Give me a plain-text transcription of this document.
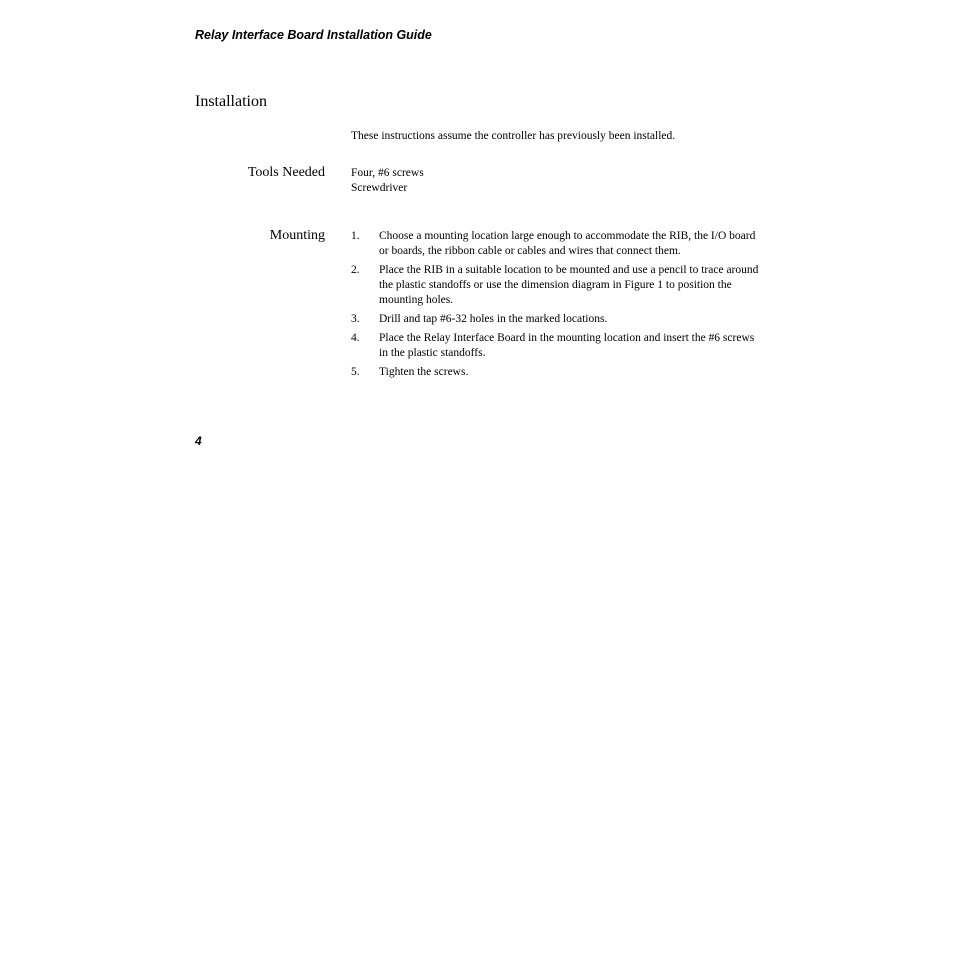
Relay Interface Board Installation Guide
Installation
These instructions assume the controller has previously been installed.
Tools Needed Four, #6 screws
Screwdriver
Mounting 1.	Choose a mounting location large enough to accommodate the RIB, the I/O board or boards, the ribbon cable or cables and wires that connect them.
2.	Place the RIB in a suitable location to be mounted and use a pencil to trace around the plastic standoffs or use the dimension diagram in Figure 1 to position the mounting holes.
3.	Drill and tap #6-32 holes in the marked locations.
4.	Place the Relay Interface Board in the mounting location and insert the #6 screws in the plastic standoffs.
5.	Tighten the screws.
4
